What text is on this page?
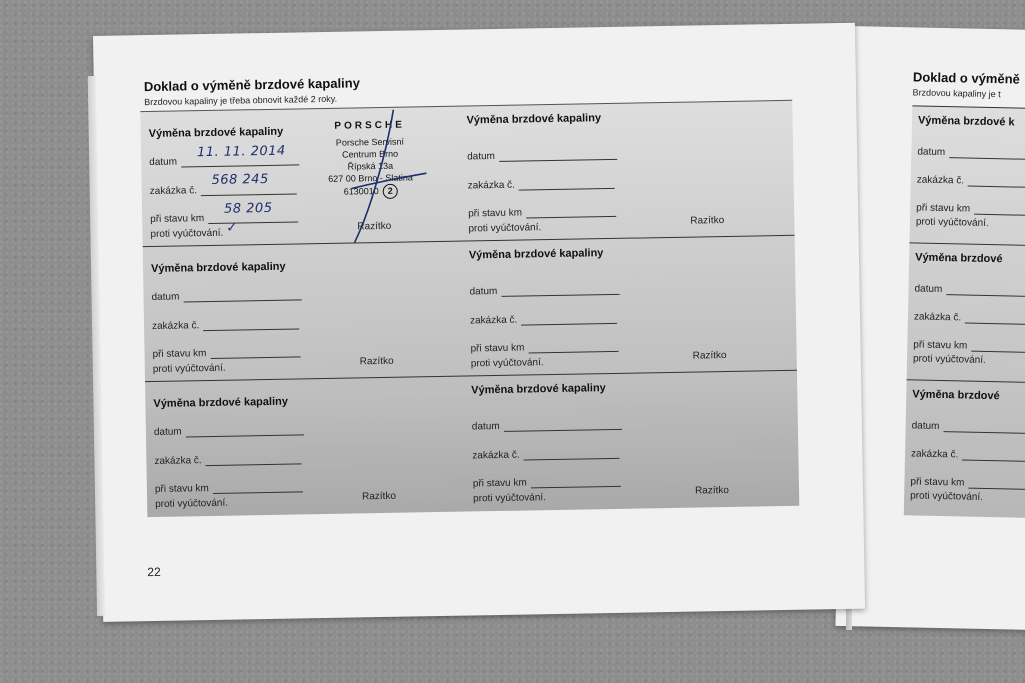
Doklad o výměně
Brzdovou kapaliny je t
Výměna brzdové k
datum
zakázka č.
při stavu km
proti vyúčtování.
Výměna brzdové
datum
zakázka č.
při stavu km
proti vyúčtování.
Výměna brzdové
datum
zakázka č.
při stavu km
proti vyúčtování.
Doklad o výměně brzdové kapaliny
Brzdovou kapaliny je třeba obnovit každé 2 roky.
Výměna brzdové kapaliny
datum
zakázka č.
při stavu km
proti vyúčtování.
11. 11. 2014
568 245
58 205
✓
PORSCHE
Porsche Servisní
Centrum Brno
Řípská 13a
627 00 Brno - Slatina
6130010 2
Razítko
Výměna brzdové kapaliny
datum
zakázka č.
při stavu km
proti vyúčtování.
Razítko
Výměna brzdové kapaliny
datum
zakázka č.
při stavu km
proti vyúčtování.
Razítko
Výměna brzdové kapaliny
datum
zakázka č.
při stavu km
proti vyúčtování.
Razítko
Výměna brzdové kapaliny
datum
zakázka č.
při stavu km
proti vyúčtování.
Razítko
Výměna brzdové kapaliny
datum
zakázka č.
při stavu km
proti vyúčtování.
Razítko
22
